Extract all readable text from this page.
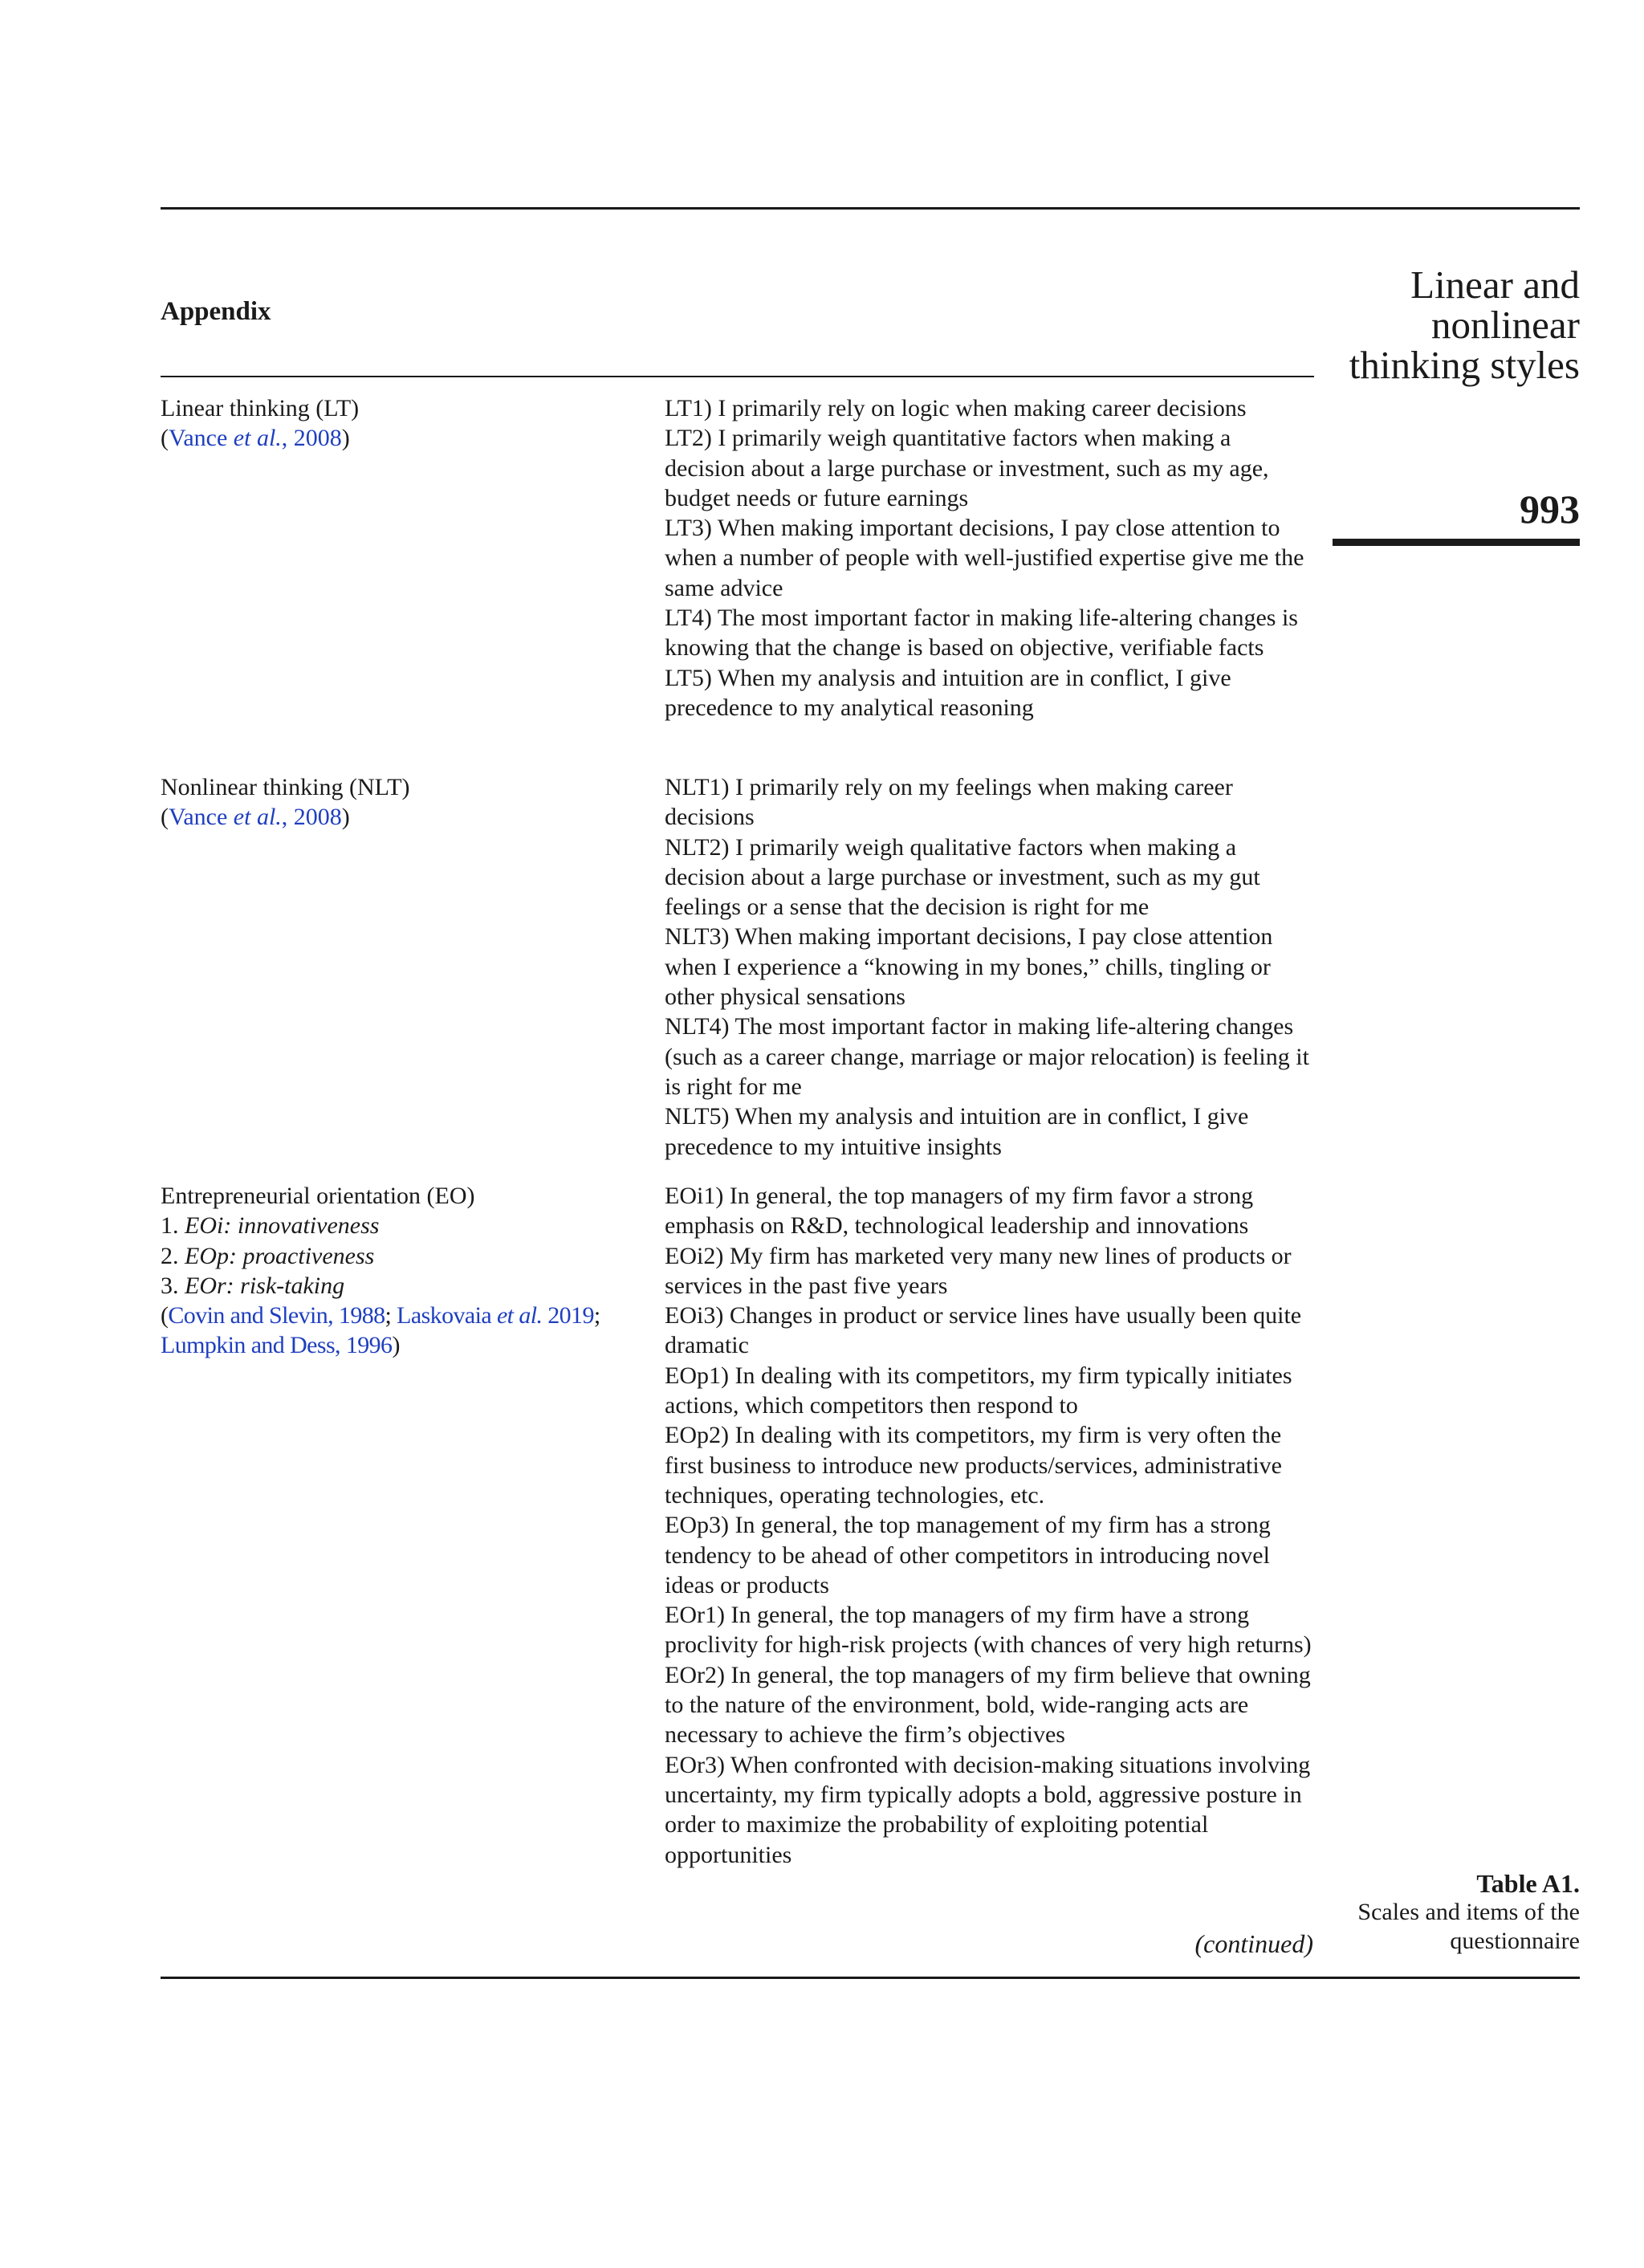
Appendix
Linear and
nonlinear
thinking styles
993
Linear thinking (LT)
(Vance et al., 2008)
LT1) I primarily rely on logic when making career decisions
LT2) I primarily weigh quantitative factors when making a decision about a large purchase or investment, such as my age, budget needs or future earnings
LT3) When making important decisions, I pay close attention to when a number of people with well-justified expertise give me the same advice
LT4) The most important factor in making life-altering changes is knowing that the change is based on objective, verifiable facts
LT5) When my analysis and intuition are in conflict, I give precedence to my analytical reasoning
Nonlinear thinking (NLT)
(Vance et al., 2008)
NLT1) I primarily rely on my feelings when making career decisions
NLT2) I primarily weigh qualitative factors when making a decision about a large purchase or investment, such as my gut feelings or a sense that the decision is right for me
NLT3) When making important decisions, I pay close attention when I experience a “knowing in my bones,” chills, tingling or other physical sensations
NLT4) The most important factor in making life-altering changes (such as a career change, marriage or major relocation) is feeling it is right for me
NLT5) When my analysis and intuition are in conflict, I give precedence to my intuitive insights
Entrepreneurial orientation (EO)
1. EOi: innovativeness
2. EOp: proactiveness
3. EOr: risk-taking
(Covin and Slevin, 1988; Laskovaia et al. 2019;
Lumpkin and Dess, 1996)
EOi1) In general, the top managers of my firm favor a strong emphasis on R&D, technological leadership and innovations
EOi2) My firm has marketed very many new lines of products or services in the past five years
EOi3) Changes in product or service lines have usually been quite dramatic
EOp1) In dealing with its competitors, my firm typically initiates actions, which competitors then respond to
EOp2) In dealing with its competitors, my firm is very often the first business to introduce new products/services, administrative techniques, operating technologies, etc.
EOp3) In general, the top management of my firm has a strong tendency to be ahead of other competitors in introducing novel ideas or products
EOr1) In general, the top managers of my firm have a strong proclivity for high-risk projects (with chances of very high returns)
EOr2) In general, the top managers of my firm believe that owning to the nature of the environment, bold, wide-ranging acts are necessary to achieve the firm’s objectives
EOr3) When confronted with decision-making situations involving uncertainty, my firm typically adopts a bold, aggressive posture in order to maximize the probability of exploiting potential opportunities
(continued)
Table A1.
Scales and items of the
questionnaire
